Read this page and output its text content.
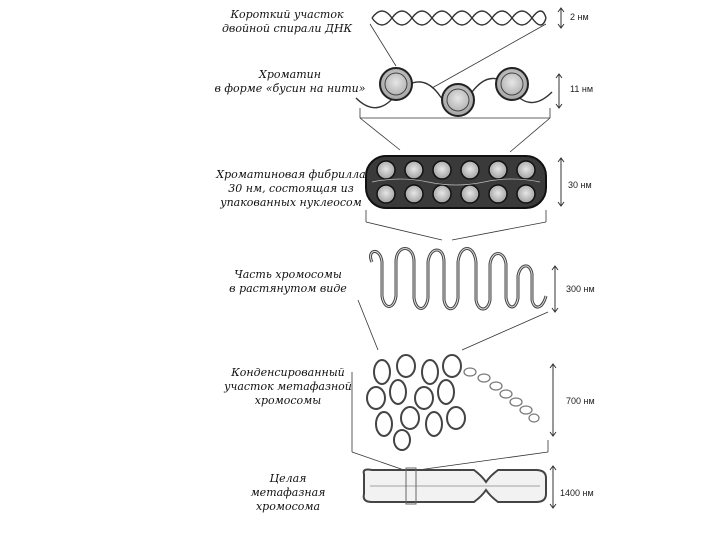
Короткий участок
двойной спирали ДНК
Хроматин
в форме «бусин на нити»
Хроматиновая фибрилла
30 нм, состоящая из
упакованных нуклеосом
Часть хромосомы
в растянутом виде
Конденсированный
участок метафазной
хромосомы
Целая
метафазная
хромосома
2 нм
11 нм
30 нм
300 нм
700 нм
1400 нм
